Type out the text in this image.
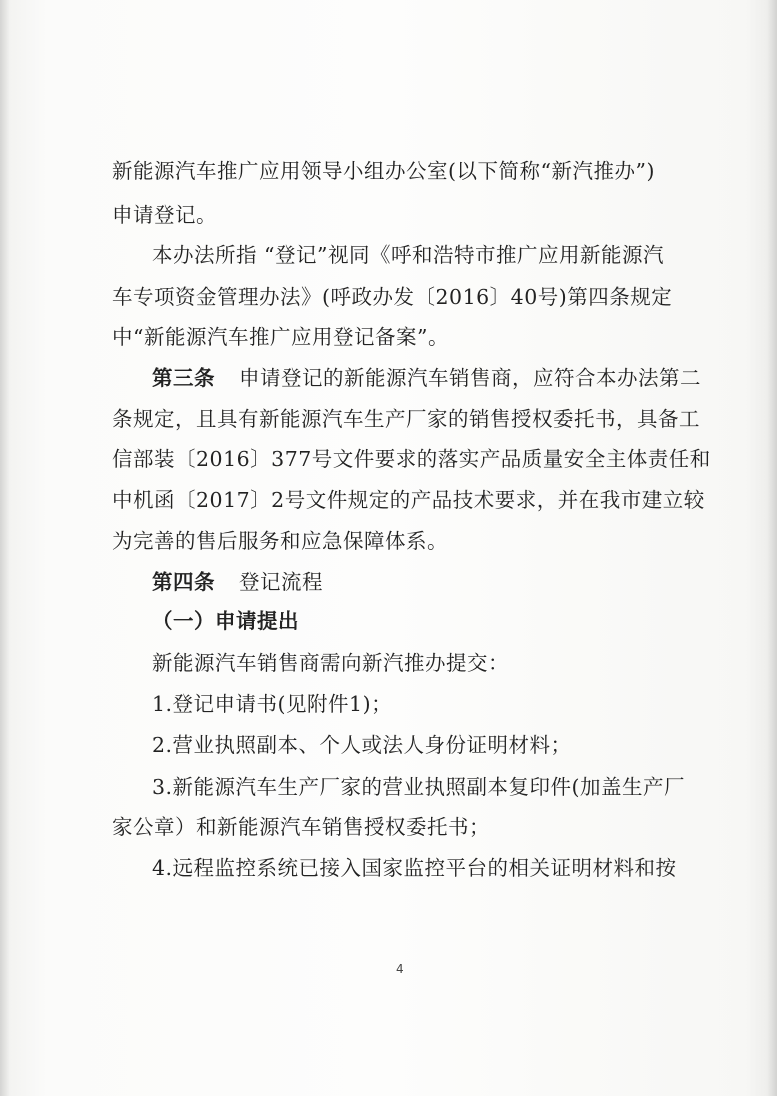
新能源汽车推广应用领导小组办公室(以下简称“新汽推办”)
申请登记。
本办法所指 “登记”视同《呼和浩特市推广应用新能源汽
车专项资金管理办法》(呼政办发〔2016〕40号)第四条规定
中“新能源汽车推广应用登记备案”。
第三条 申请登记的新能源汽车销售商，应符合本办法第二
条规定，且具有新能源汽车生产厂家的销售授权委托书，具备工
信部装〔2016〕377号文件要求的落实产品质量安全主体责任和
中机函〔2017〕2号文件规定的产品技术要求，并在我市建立较
为完善的售后服务和应急保障体系。
第四条 登记流程
（一）申请提出
新能源汽车销售商需向新汽推办提交：
1.登记申请书(见附件1)；
2.营业执照副本、个人或法人身份证明材料；
3.新能源汽车生产厂家的营业执照副本复印件(加盖生产厂
家公章）和新能源汽车销售授权委托书；
4.远程监控系统已接入国家监控平台的相关证明材料和按
4
